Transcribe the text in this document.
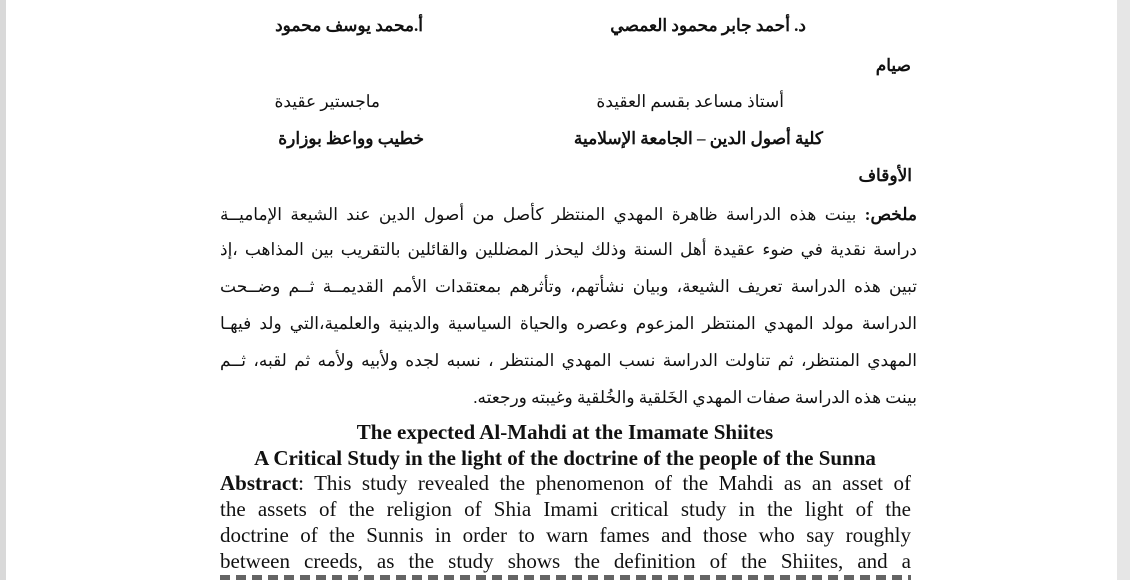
د. أحمد جابر محمود العمصي
أ.محمد يوسف محمود
صيام
أستاذ مساعد بقسم العقيدة
ماجستير عقيدة
كلية أصول الدين – الجامعة الإسلامية
خطيب وواعظ بوزارة
الأوقاف
ملخص: بينت هذه الدراسة ظاهرة المهدي المنتظر كأصل من أصول الدين عند الشيعة الإماميــة
دراسة نقدية في ضوء عقيدة أهل السنة وذلك ليحذر المضللين والقائلين بالتقريب بين المذاهب ،إذ
تبين هذه الدراسة تعريف الشيعة، وبيان نشأتهم، وتأثرهم بمعتقدات الأمم القديمــة ثــم وضــحت
الدراسة مولد المهدي المنتظر المزعوم وعصره والحياة السياسية والدينية والعلمية،التي ولد فيهـا
المهدي المنتظر، ثم تناولت الدراسة نسب المهدي المنتظر ، نسبه لجده ولأبيه ولأمه ثم لقبه، ثــم
بينت هذه الدراسة صفات المهدي الخَلقية والخُلقية وغيبته ورجعته.
The expected Al-Mahdi at the Imamate Shiites
A Critical Study in the light of the doctrine of the people of the Sunna
Abstract: This study revealed the phenomenon of the Mahdi as an asset of
the assets of the religion of Shia Imami critical study in the light of the
doctrine of the Sunnis in order to warn fames and those who say roughly
between creeds, as the study shows the definition of the Shiites, and a
